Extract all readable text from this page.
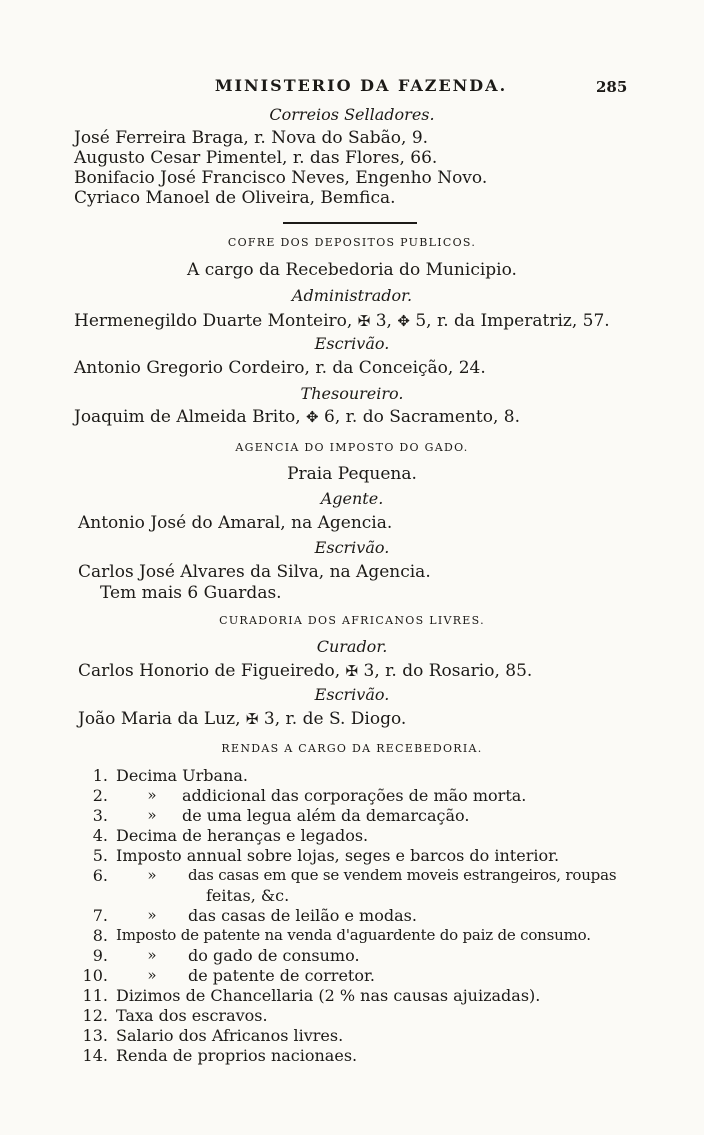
MINISTERIO DA FAZENDA.	285
Correios Selladores.
José Ferreira Braga, r. Nova do Sabão, 9.
Augusto Cesar Pimentel, r. das Flores, 66.
Bonifacio José Francisco Neves, Engenho Novo.
Cyriaco Manoel de Oliveira, Bemfica.
COFRE DOS DEPOSITOS PUBLICOS.
A cargo da Recebedoria do Municipio.
Administrador.
Hermenegildo Duarte Monteiro, ✠ 3, ✥ 5, r. da Imperatriz, 57.
Escrivão.
Antonio Gregorio Cordeiro, r. da Conceição, 24.
Thesoureiro.
Joaquim de Almeida Brito, ✥ 6, r. do Sacramento, 8.
AGENCIA DO IMPOSTO DO GADO.
Praia Pequena.
Agente.
Antonio José do Amaral, na Agencia.
Escrivão.
Carlos José Alvares da Silva, na Agencia.
Tem mais 6 Guardas.
CURADORIA DOS AFRICANOS LIVRES.
Curador.
Carlos Honorio de Figueiredo, ✠ 3, r. do Rosario, 85.
Escrivão.
João Maria da Luz, ✠ 3, r. de S. Diogo.
RENDAS A CARGO DA RECEBEDORIA.
1. Decima Urbana.
2.	»	addicional das corporações de mão morta.
3.	»	de uma legua além da demarcação.
4. Decima de heranças e legados.
5. Imposto annual sobre lojas, seges e barcos do interior.
6.	»	das casas em que se vendem moveis estrangeiros, roupas
feitas, &c.
7.	»	das casas de leilão e modas.
8. Imposto de patente na venda d'aguardente do paiz de consumo.
9.	»	do gado de consumo.
10.	»	de patente de corretor.
11. Dizimos de Chancellaria (2 % nas causas ajuizadas).
12. Taxa dos escravos.
13. Salario dos Africanos livres.
14. Renda de proprios nacionaes.
